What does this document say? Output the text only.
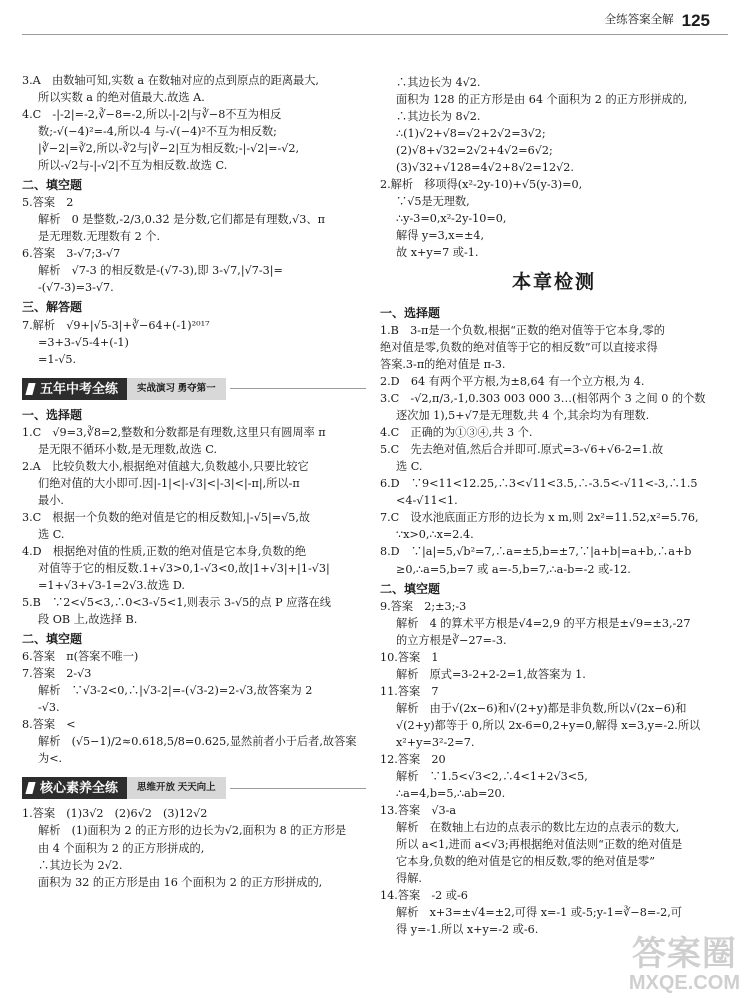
全练答案全解 125

3.A　由数轴可知,实数 a 在数轴对应的点到原点的距离最大,

所以实数 a 的绝对值最大.故选 A.

4.C　-|-2|=-2,∛−8=-2,所以-|-2|与∛−8不互为相反

数;-√(−4)²=-4,所以-4 与-√(−4)²不互为相反数;

|∛−2|=∛2,所以-∛2与|∛−2|互为相反数;-|-√2|=-√2,

所以-√2与-|-√2|不互为相反数.故选 C.

二、填空题

5.答案　2

解析　0 是整数,-2/3,0.3̇2̇ 是分数,它们都是有理数,√3、π

是无理数.无理数有 2 个.

6.答案　3-√7;3-√7

解析　√7-3 的相反数是-(√7-3),即 3-√7,|√7-3|=

-(√7-3)=3-√7.

三、解答题

7.解析　√9+|√5-3|+∛−64+(-1)²⁰¹⁷

=3+3-√5-4+(-1)

=1-√5.

五年中考全练	实战演习 勇夺第一

一、选择题

1.C　√9=3,∛8=2,整数和分数都是有理数,这里只有圆周率 π

是无限不循环小数,是无理数,故选 C.

2.A　比较负数大小,根据绝对值越大,负数越小,只要比较它

们绝对值的大小即可.因|-1|<|-√3|<|-3|<|-π|,所以-π

最小.

3.C　根据一个负数的绝对值是它的相反数知,|-√5|=√5,故

选 C.

4.D　根据绝对值的性质,正数的绝对值是它本身,负数的绝

对值等于它的相反数.1+√3>0,1-√3<0,故|1+√3|+|1-√3|

=1+√3+√3-1=2√3.故选 D.

5.B　∵2<√5<3,∴0<3-√5<1,则表示 3-√5的点 P 应落在线

段 OB 上,故选择 B.

二、填空题

6.答案　π(答案不唯一)

7.答案　2-√3

解析　∵√3-2<0,∴|√3-2|=-(√3-2)=2-√3,故答案为 2

-√3.

8.答案　<

解析　(√5−1)/2≈0.618,5/8=0.625,显然前者小于后者,故答案

为<.

核心素养全练	思维开放 天天向上

1.答案　(1)3√2　(2)6√2　(3)12√2

解析　(1)面积为 2 的正方形的边长为√2,面积为 8 的正方形是

由 4 个面积为 2 的正方形拼成的,

∴其边长为 2√2.

面积为 32 的正方形是由 16 个面积为 2 的正方形拼成的,

∴其边长为 4√2.

面积为 128 的正方形是由 64 个面积为 2 的正方形拼成的,

∴其边长为 8√2.

∴(1)√2+√8=√2+2√2=3√2;

(2)√8+√32=2√2+4√2=6√2;

(3)√32+√128=4√2+8√2=12√2.

2.解析　移项得(x²-2y-10)+√5(y-3)=0,

∵√5是无理数,

∴y-3=0,x²-2y-10=0,

解得 y=3,x=±4,

故 x+y=7 或-1.

本章检测

一、选择题

1.B　3-π是一个负数,根据“正数的绝对值等于它本身,零的

绝对值是零,负数的绝对值等于它的相反数”可以直接求得

答案.3-π的绝对值是 π-3.

2.D　64 有两个平方根,为±8,64 有一个立方根,为 4.

3.C　-√2,π/3,-1,0.303 003 000 3…(相邻两个 3 之间 0 的个数

逐次加 1),5+√7是无理数,共 4 个,其余均为有理数.

4.C　正确的为①③④,共 3 个.

5.C　先去绝对值,然后合并即可.原式=3-√6+√6-2=1.故

选 C.

6.D　∵9<11<12.25,∴3<√11<3.5,∴-3.5<-√11<-3,∴1.5

<4-√11<1.

7.C　设水池底面正方形的边长为 x m,则 2x²=11.52,x²=5.76,

∵x>0,∴x=2.4.

8.D　∵|a|=5,√b²=7,∴a=±5,b=±7,∵|a+b|=a+b,∴a+b

≥0,∴a=5,b=7 或 a=-5,b=7,∴a-b=-2 或-12.

二、填空题

9.答案　2;±3;-3

解析　4 的算术平方根是√4=2,9 的平方根是±√9=±3,-27

的立方根是∛−27=-3.

10.答案　1

解析　原式=3-2+2-2=1,故答案为 1.

11.答案　7

解析　由于√(2x−6)和√(2+y)都是非负数,所以√(2x−6)和

√(2+y)都等于 0,所以 2x-6=0,2+y=0,解得 x=3,y=-2.所以

x²+y=3²-2=7.

12.答案　20

解析　∵1.5<√3<2,∴4<1+2√3<5,

∴a=4,b=5,∴ab=20.

13.答案　√3-a

解析　在数轴上右边的点表示的数比左边的点表示的数大,

所以 a<1,进而 a<√3;再根据绝对值法则“正数的绝对值是

它本身,负数的绝对值是它的相反数,零的绝对值是零”

得解.

14.答案　-2 或-6

解析　x+3=±√4=±2,可得 x=-1 或-5;y-1=∛−8=-2,可

得 y=-1.所以 x+y=-2 或-6.

答案圈
MXQE.COM
